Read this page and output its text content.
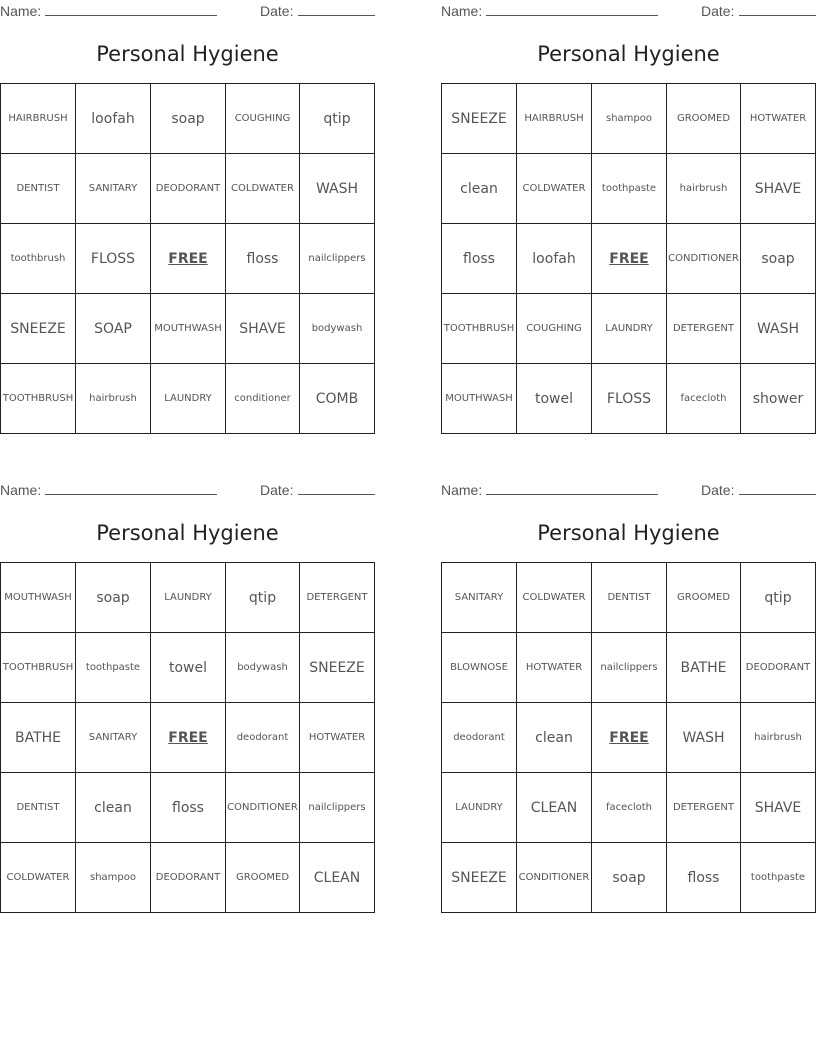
Name:	Date:
Personal Hygiene
HAIRBRUSH	loofah	soap	COUGHING	qtip
DENTIST	SANITARY	DEODORANT	COLDWATER	WASH
toothbrush	FLOSS	FREE	floss	nailclippers
SNEEZE	SOAP	MOUTHWASH	SHAVE	bodywash
TOOTHBRUSH	hairbrush	LAUNDRY	conditioner	COMB
Name:	Date:
Personal Hygiene
SNEEZE	HAIRBRUSH	shampoo	GROOMED	HOTWATER
clean	COLDWATER	toothpaste	hairbrush	SHAVE
floss	loofah	FREE	CONDITIONER	soap
TOOTHBRUSH	COUGHING	LAUNDRY	DETERGENT	WASH
MOUTHWASH	towel	FLOSS	facecloth	shower
Name:	Date:
Personal Hygiene
MOUTHWASH	soap	LAUNDRY	qtip	DETERGENT
TOOTHBRUSH	toothpaste	towel	bodywash	SNEEZE
BATHE	SANITARY	FREE	deodorant	HOTWATER
DENTIST	clean	floss	CONDITIONER	nailclippers
COLDWATER	shampoo	DEODORANT	GROOMED	CLEAN
Name:	Date:
Personal Hygiene
SANITARY	COLDWATER	DENTIST	GROOMED	qtip
BLOWNOSE	HOTWATER	nailclippers	BATHE	DEODORANT
deodorant	clean	FREE	WASH	hairbrush
LAUNDRY	CLEAN	facecloth	DETERGENT	SHAVE
SNEEZE	CONDITIONER	soap	floss	toothpaste
